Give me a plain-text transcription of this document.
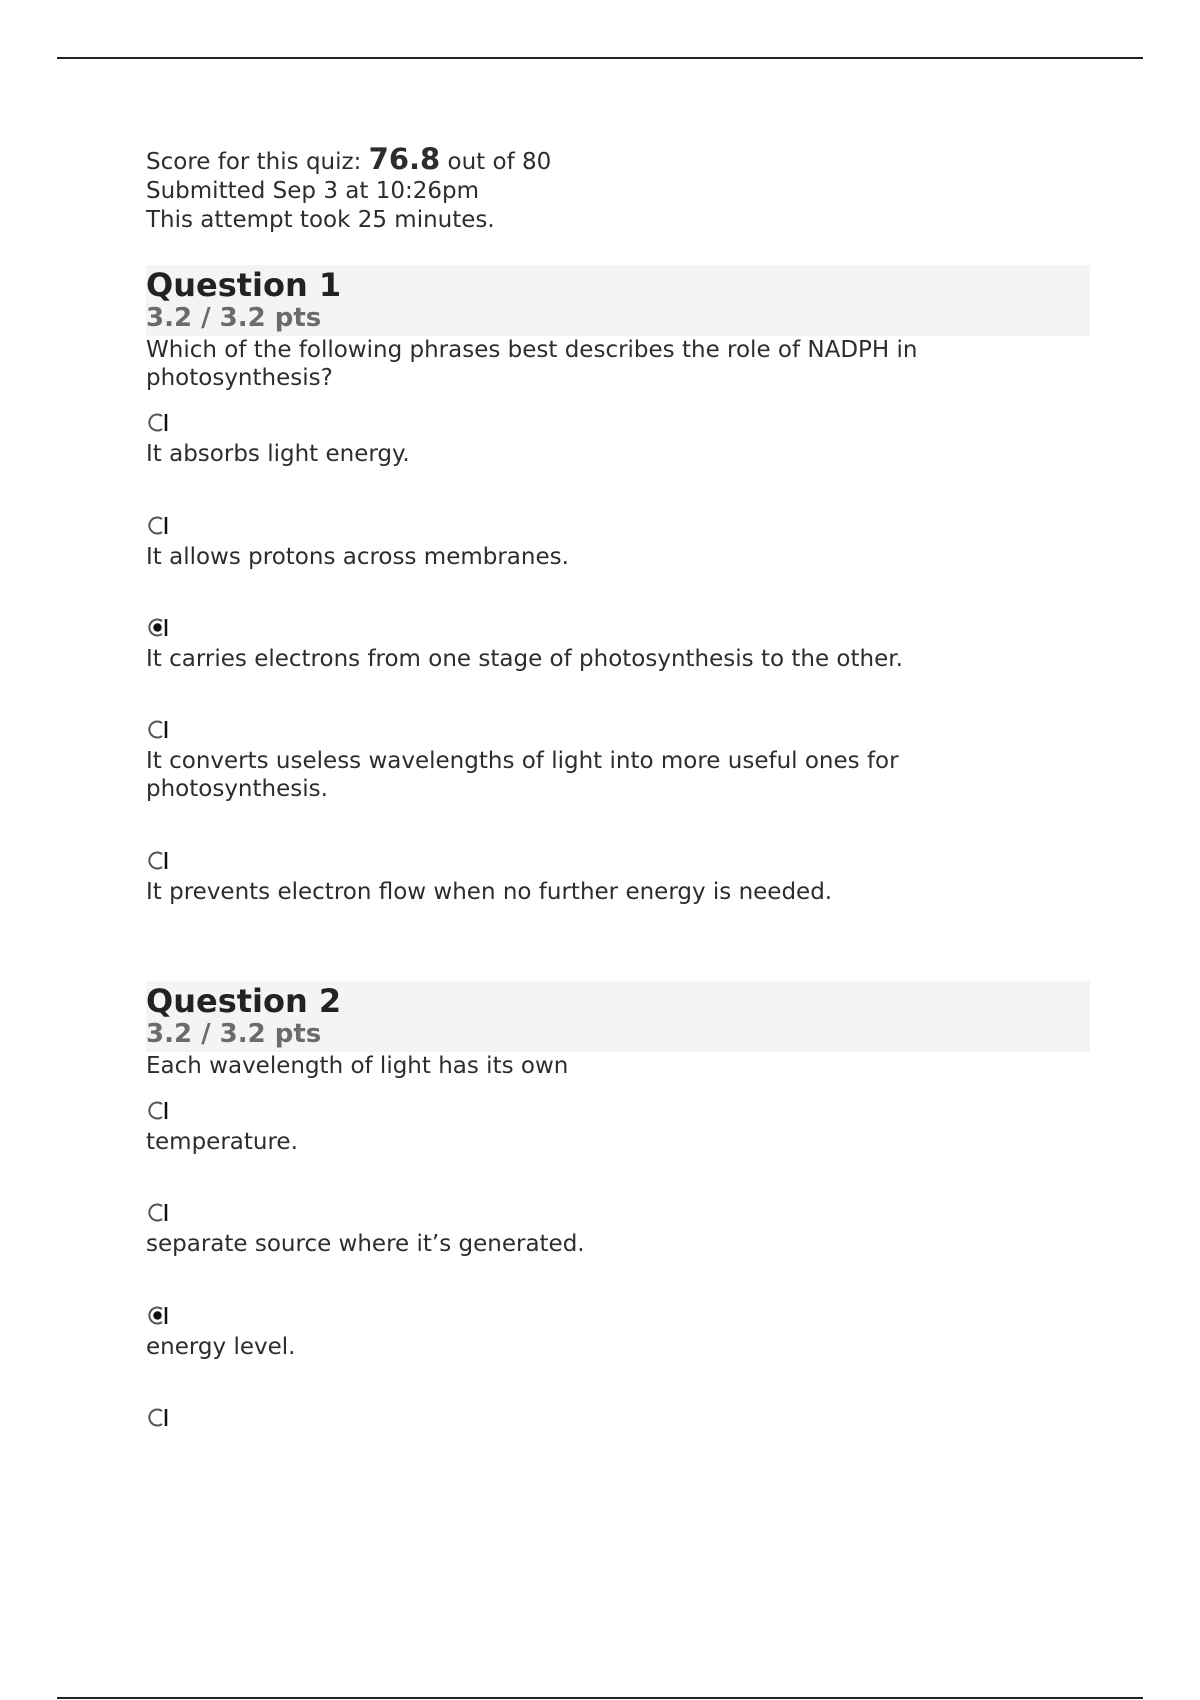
Score for this quiz: 76.8 out of 80
Submitted Sep 3 at 10:26pm
This attempt took 25 minutes.
Question 1
3.2 / 3.2 pts
Which of the following phrases best describes the role of NADPH in photosynthesis?
It absorbs light energy.
It allows protons across membranes.
It carries electrons from one stage of photosynthesis to the other.
It converts useless wavelengths of light into more useful ones for photosynthesis.
It prevents electron flow when no further energy is needed.
Question 2
3.2 / 3.2 pts
Each wavelength of light has its own
temperature.
separate source where it’s generated.
energy level.
